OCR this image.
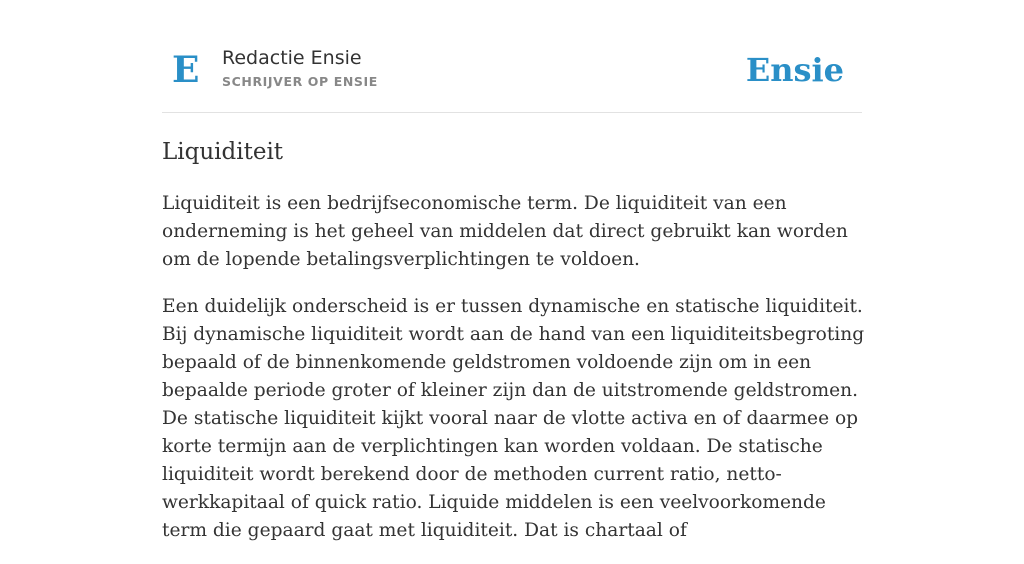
E Redactie Ensie
SCHRIJVER OP ENSIE	Ensie
Liquiditeit

Liquiditeit is een bedrijfseconomische term. De liquiditeit van een onderneming is het geheel van middelen dat direct gebruikt kan worden om de lopende betalingsverplichtingen te voldoen.

Een duidelijk onderscheid is er tussen dynamische en statische liquiditeit. Bij dynamische liquiditeit wordt aan de hand van een liquiditeitsbegroting bepaald of de binnenkomende geldstromen voldoende zijn om in een bepaalde periode groter of kleiner zijn dan de uitstromende geldstromen. De statische liquiditeit kijkt vooral naar de vlotte activa en of daarmee op korte termijn aan de verplichtingen kan worden voldaan. De statische liquiditeit wordt berekend door de methoden current ratio, netto-werkkapitaal of quick ratio. Liquide middelen is een veelvoorkomende term die gepaard gaat met liquiditeit. Dat is chartaal of
